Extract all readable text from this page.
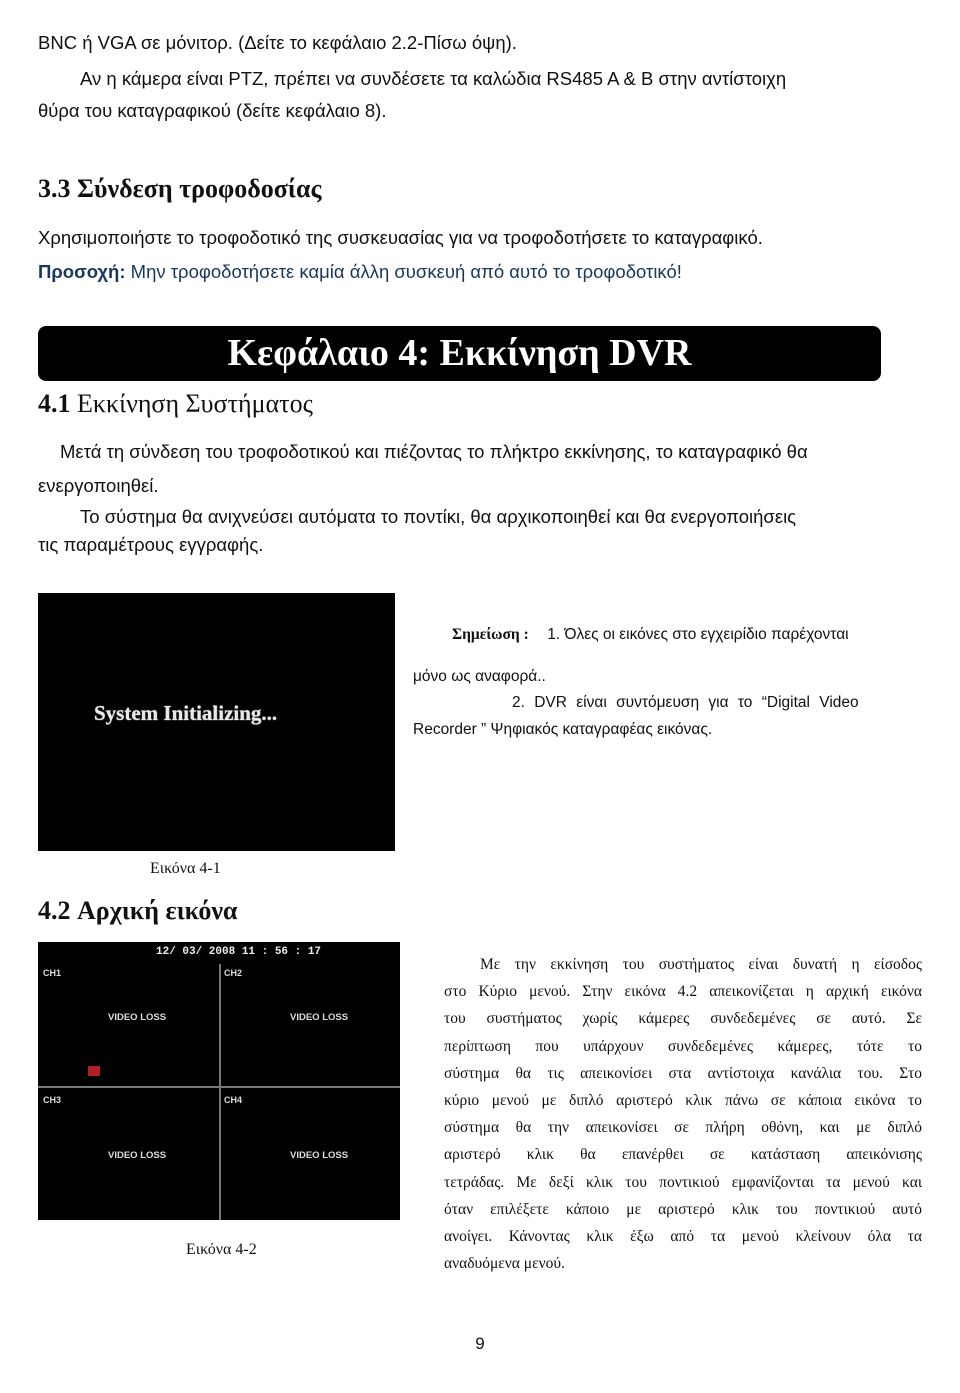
BNC ή VGA σε μόνιτορ. (Δείτε το κεφάλαιο 2.2-Πίσω όψη).
Αν η κάμερα είναι PTZ, πρέπει να συνδέσετε τα καλώδια RS485 A & B στην αντίστοιχη
θύρα του καταγραφικού (δείτε κεφάλαιο 8).
3.3 Σύνδεση τροφοδοσίας
Χρησιμοποιήστε το τροφοδοτικό της συσκευασίας για να τροφοδοτήσετε το καταγραφικό.
Προσοχή: Μην τροφοδοτήσετε καμία άλλη συσκευή από αυτό το τροφοδοτικό!
Κεφάλαιο 4: Εκκίνηση DVR
4.1 Εκκίνηση Συστήματος
Μετά τη σύνδεση του τροφοδοτικού και πιέζοντας το πλήκτρο εκκίνησης, το καταγραφικό θα
ενεργοποιηθεί.
Το σύστημα θα ανιχνεύσει αυτόματα το ποντίκι, θα αρχικοποιηθεί και θα ενεργοποιήσεις
τις παραμέτρους εγγραφής.
System Initializing...
Εικόνα 4-1
Σημείωση : 1. Όλες οι εικόνες στο εγχειρίδιο παρέχονται
μόνο ως αναφορά..
2. DVR είναι συντόμευση για το “Digital Video
Recorder ” Ψηφιακός καταγραφέας εικόνας.
4.2 Αρχική εικόνα
12/ 03/ 2008 11 : 56 : 17
CH1	CH2
CH3	CH4
VIDEO LOSS	VIDEO LOSS
VIDEO LOSS	VIDEO LOSS
Εικόνα 4-2
Με την εκκίνηση του συστήματος είναι δυνατή η είσοδος
στο Κύριο μενού. Στην εικόνα 4.2 απεικονίζεται η αρχική εικόνα
του συστήματος χωρίς κάμερες συνδεδεμένες σε αυτό. Σε
περίπτωση που υπάρχουν συνδεδεμένες κάμερες, τότε το
σύστημα θα τις απεικονίσει στα αντίστοιχα κανάλια του. Στο
κύριο μενού με διπλό αριστερό κλικ πάνω σε κάποια εικόνα το
σύστημα θα την απεικονίσει σε πλήρη οθόνη, και με διπλό
αριστερό κλικ θα επανέρθει σε κατάσταση απεικόνισης
τετράδας. Με δεξί κλικ του ποντικιού εμφανίζονται τα μενού και
όταν επιλέξετε κάποιο με αριστερό κλικ του ποντικιού αυτό
ανοίγει. Κάνοντας κλικ έξω από τα μενού κλείνουν όλα τα
αναδυόμενα μενού.
9
